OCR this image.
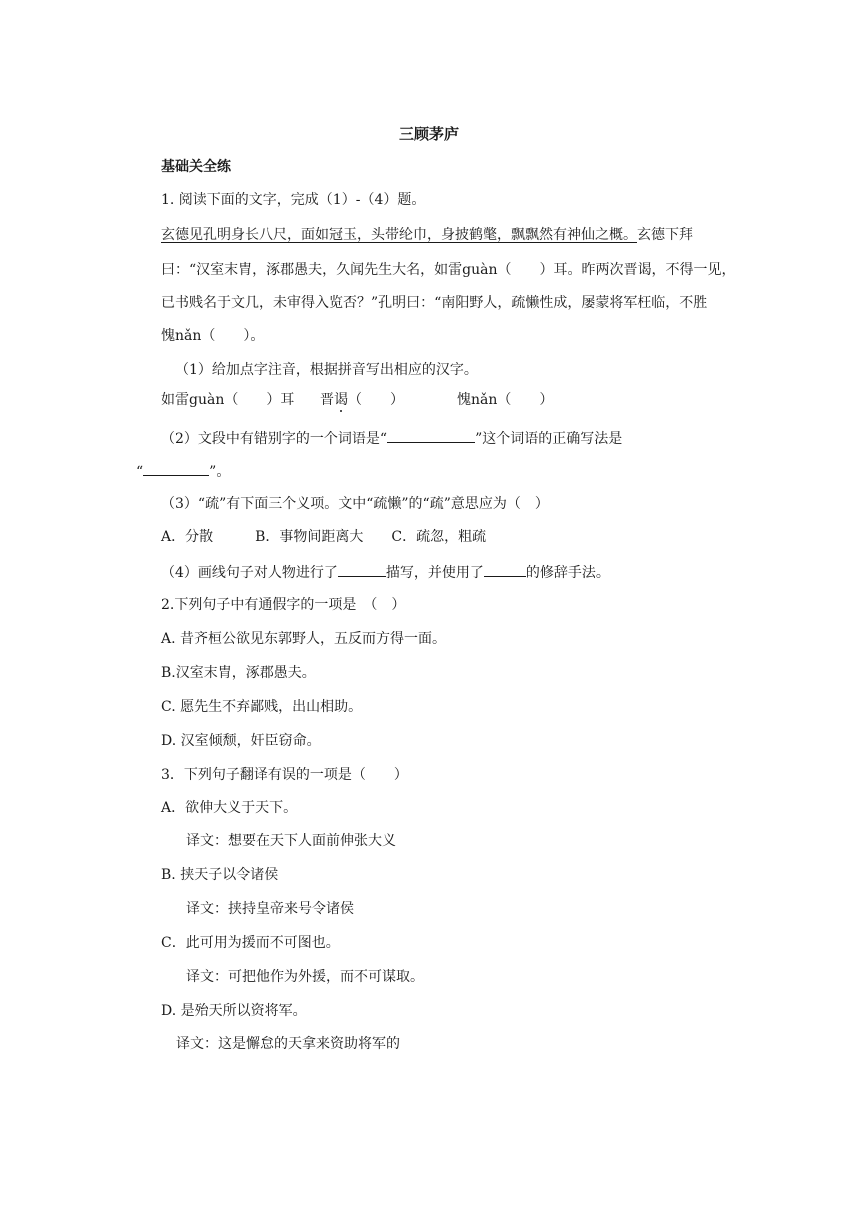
三顾茅庐
基础关全练
1. 阅读下面的文字，完成（1）-（4）题。
玄德见孔明身长八尺，面如冠玉，头带纶巾，身披鹤氅，飘飘然有神仙之概。玄德下拜
曰：“汉室末胄，涿郡愚夫，久闻先生大名，如雷guàn（　　）耳。昨两次晋谒，不得一见，
已书贱名于文几，未审得入览否？”孔明曰：“南阳野人，疏懒性成，屡蒙将军枉临，不胜
愧nǎn（　　）。
（1）给加点字注音，根据拼音写出相应的汉字。
如雷guàn（　　）耳 晋谒（　　）	愧nǎn（　　）
（2）文段中有错别字的一个词语是“	”这个词语的正确写法是
“	”。
（3）“疏”有下面三个义项。文中“疏懒”的“疏”意思应为（　）
A．分散　　　B．事物间距离大　　C．疏忽，粗疏
（4）画线句子对人物进行了	描写，并使用了	的修辞手法。
2.下列句子中有通假字的一项是　（　）
A. 昔齐桓公欲见东郭野人，五反而方得一面。
B.汉室末胄，涿郡愚夫。
C. 愿先生不弃鄙贱，出山相助。
D. 汉室倾颓，奸臣窃命。
3．下列句子翻译有误的一项是（　　）
A．欲伸大义于天下。
译文：想要在天下人面前伸张大义
B. 挟天子以令诸侯
译文：挟持皇帝来号令诸侯
C．此可用为援而不可图也。
译文：可把他作为外援，而不可谋取。
D. 是殆天所以资将军。
译文：这是懈怠的天拿来资助将军的
